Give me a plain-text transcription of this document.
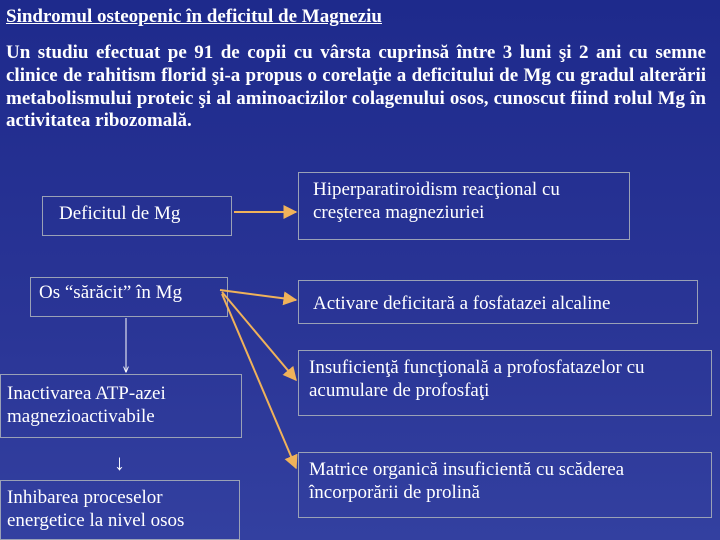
Sindromul osteopenic în deficitul de Magneziu
Un studiu efectuat pe 91 de copii cu vârsta cuprinsă între 3 luni şi 2 ani cu semne clinice de rahitism florid şi-a propus o corelaţie a deficitului de Mg cu gradul alterării metabolismului proteic şi al aminoacizilor colagenului osos, cunoscut fiind rolul Mg în activitatea ribozomală.
Deficitul de Mg
Hiperparatiroidism reacţional cu creşterea magneziuriei
Os “sărăcit” în Mg
Activare deficitară a fosfatazei alcaline
Inactivarea ATP-azei magnezioactivabile
Insuficienţă funcţională a profosfatazelor cu acumulare de profosfaţi
↓
Inhibarea proceselor energetice la nivel osos
Matrice organică insuficientă cu scăderea încorporării de prolină
